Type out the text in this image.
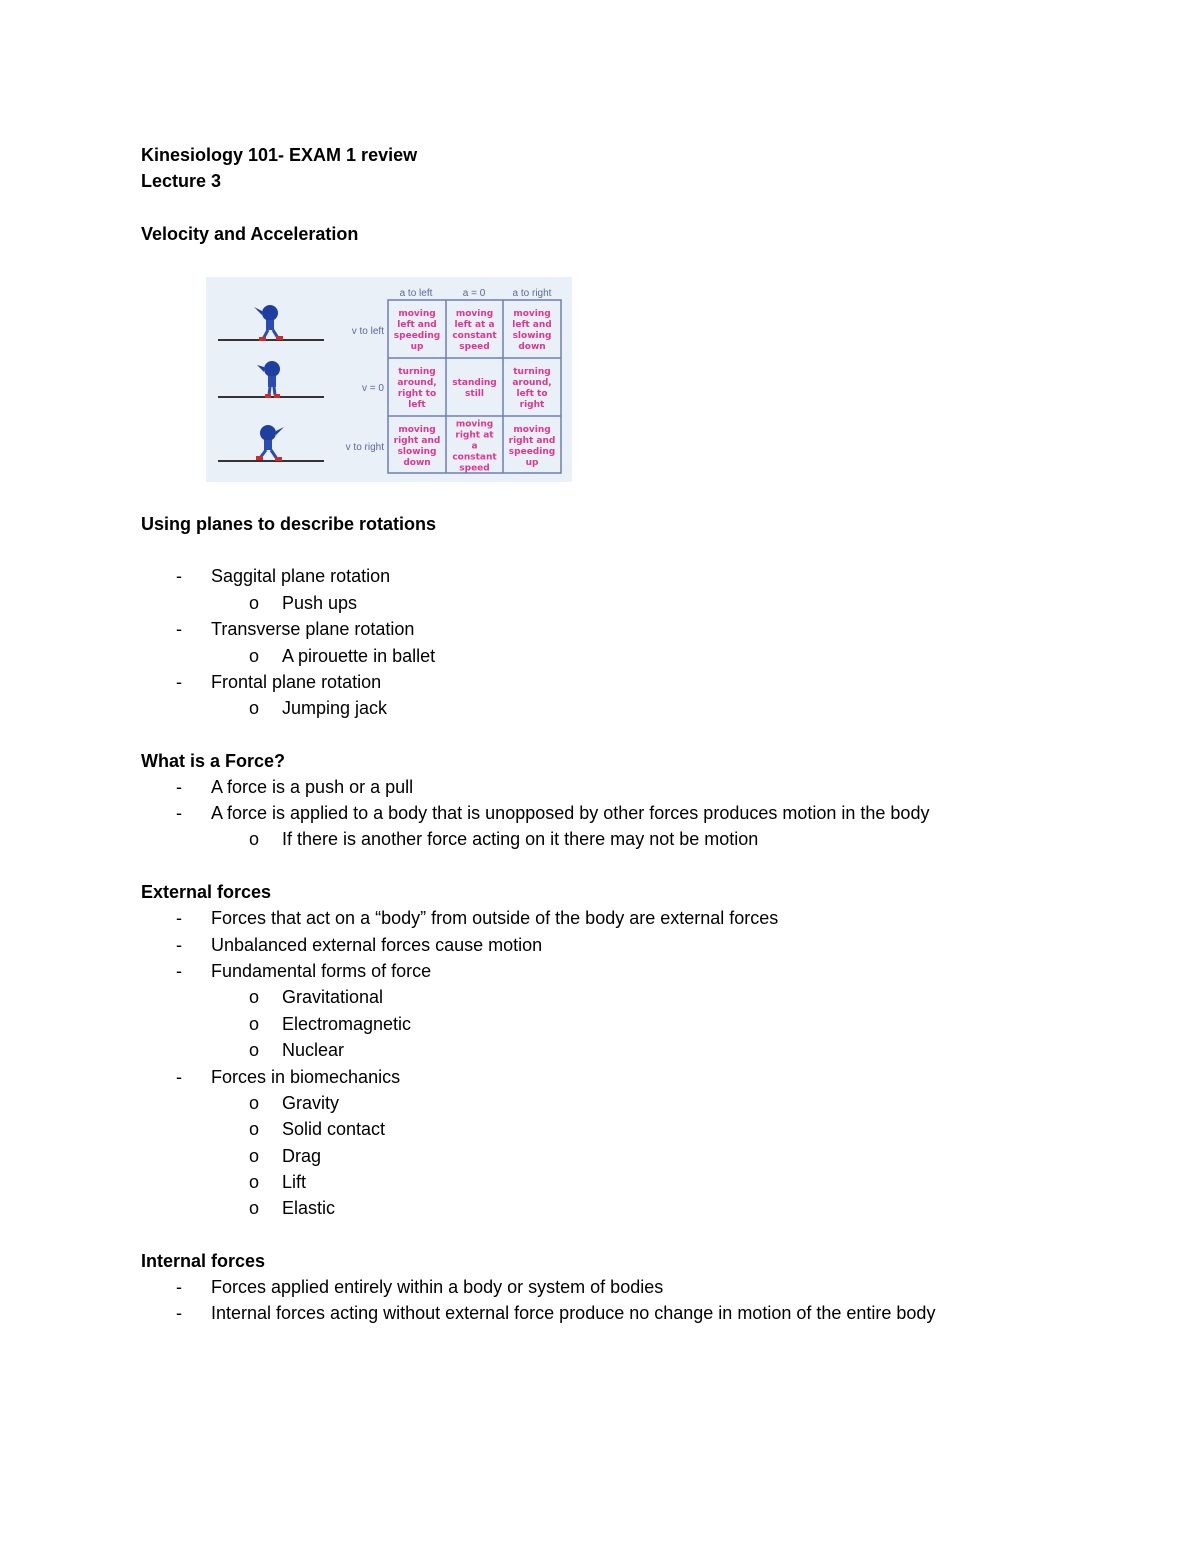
Kinesiology 101- EXAM 1 review
Lecture 3
Velocity and Acceleration
a to left	a = 0	a to right
v to left
v = 0
v to right
moving left and speeding up
moving left at a constant speed
moving left and slowing down
turning around, right to left
standing still
turning around, left to right
moving right and slowing down
moving right at a constant speed
moving right and speeding up
Using planes to describe rotations
- Saggital plane rotation
o Push ups
- Transverse plane rotation
o A pirouette in ballet
- Frontal plane rotation
o Jumping jack
What is a Force?
- A force is a push or a pull
- A force is applied to a body that is unopposed by other forces produces motion in the body
o If there is another force acting on it there may not be motion
External forces
- Forces that act on a “body” from outside of the body are external forces
- Unbalanced external forces cause motion
- Fundamental forms of force
o Gravitational
o Electromagnetic
o Nuclear
- Forces in biomechanics
o Gravity
o Solid contact
o Drag
o Lift
o Elastic
Internal forces
- Forces applied entirely within a body or system of bodies
- Internal forces acting without external force produce no change in motion of the entire body
